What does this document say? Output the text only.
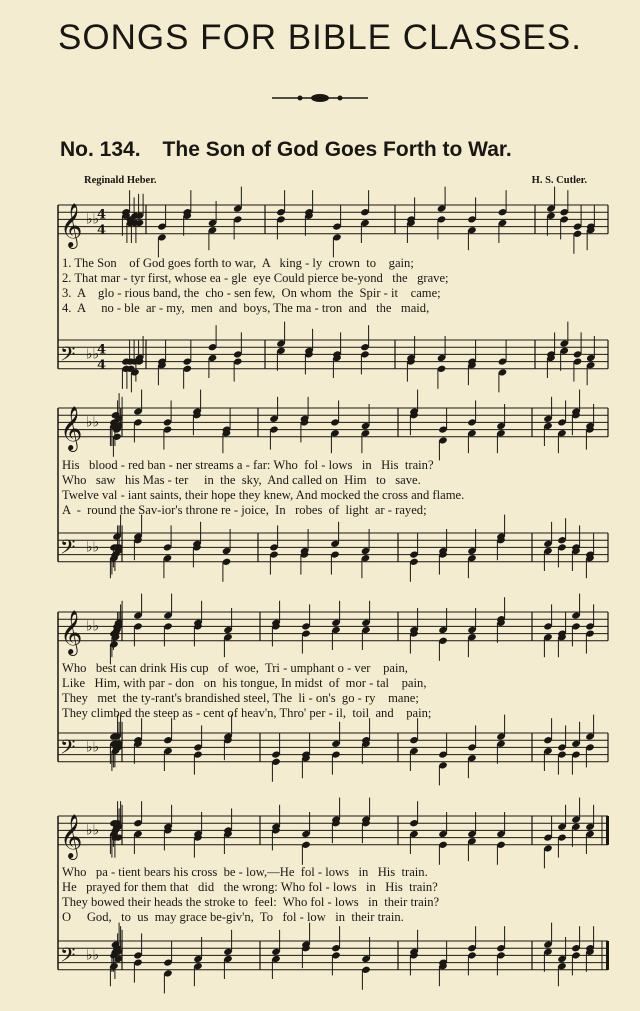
SONGS FOR BIBLE CLASSES.
No. 134. The Son of God Goes Forth to War.
Reginald Heber.	H. S. Cutler.
𝄞 ♭♭
𝄢 ♭♭
4
4
4
4
𝄞 ♭♭
𝄢 ♭♭
𝄞 ♭♭
𝄢 ♭♭
𝄞 ♭♭
𝄢 ♭♭
1. The Son    of God goes forth to war,  A   king - ly  crown  to    gain;
2. That mar - tyr first, whose ea - gle  eye Could pierce be-yond   the   grave;
3.  A    glo - rious band, the  cho - sen few,  On whom  the  Spir - it    came;
4.  A     no - ble  ar - my,  men  and  boys, The ma - tron  and   the   maid,
His   blood - red ban - ner streams a - far: Who  fol - lows   in   His  train?
Who   saw   his Mas - ter     in  the  sky,  And called on  Him   to   save.
Twelve val - iant saints, their hope they knew, And mocked the cross and flame.
A  -  round the Sav-ior's throne re - joice,  In   robes  of  light  ar - rayed;
Who   best can drink His cup   of  woe,  Tri - umphant o - ver    pain,
Like   Him, with par - don   on  his tongue, In midst  of  mor - tal    pain,
They   met  the ty-rant's brandished steel, The  li - on's  go - ry    mane;
They climbed the steep as - cent of heav'n, Thro' per - il,  toil  and    pain;
Who   pa - tient bears his cross  be - low,—He  fol - lows   in   His  train.
He   prayed for them that   did   the wrong: Who fol - lows   in   His  train?
They bowed their heads the stroke to  feel:  Who fol - lows   in  their train?
O     God,   to  us  may grace be-giv'n,  To   fol - low   in  their train.
